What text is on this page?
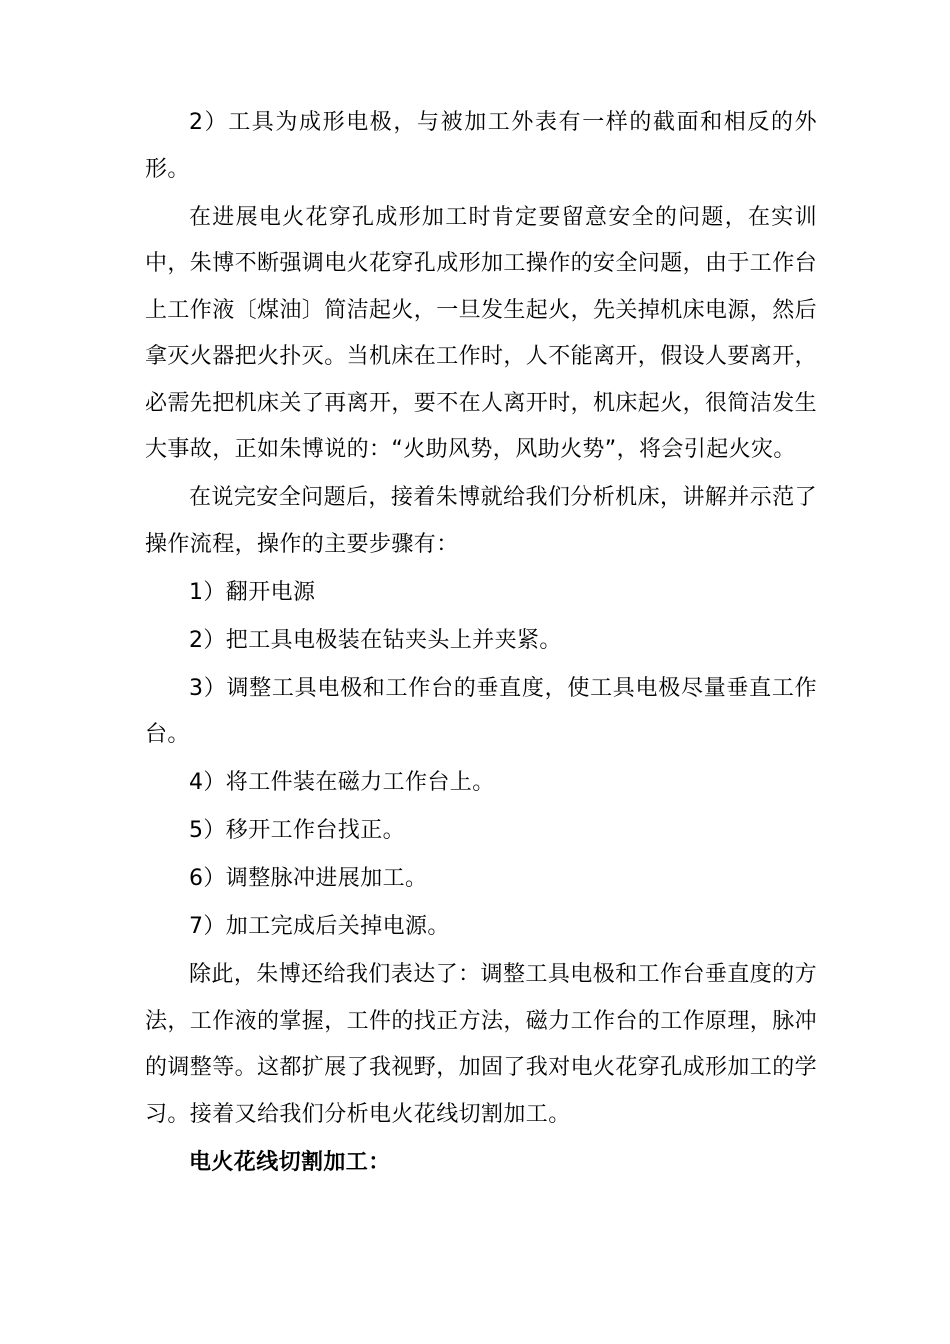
2）工具为成形电极，与被加工外表有一样的截面和相反的外形。

在进展电火花穿孔成形加工时肯定要留意安全的问题，在实训中，朱博不断强调电火花穿孔成形加工操作的安全问题，由于工作台上工作液〔煤油〕简洁起火，一旦发生起火，先关掉机床电源，然后拿灭火器把火扑灭。当机床在工作时，人不能离开，假设人要离开，必需先把机床关了再离开，要不在人离开时，机床起火，很简洁发生大事故，正如朱博说的：“火助风势，风助火势”，将会引起火灾。

在说完安全问题后，接着朱博就给我们分析机床，讲解并示范了操作流程，操作的主要步骤有：

1）翻开电源

2）把工具电极装在钻夹头上并夹紧。

3）调整工具电极和工作台的垂直度，使工具电极尽量垂直工作台。

4）将工件装在磁力工作台上。

5）移开工作台找正。

6）调整脉冲进展加工。

7）加工完成后关掉电源。

除此，朱博还给我们表达了：调整工具电极和工作台垂直度的方法，工作液的掌握，工件的找正方法，磁力工作台的工作原理，脉冲的调整等。这都扩展了我视野，加固了我对电火花穿孔成形加工的学习。接着又给我们分析电火花线切割加工。

电火花线切割加工：
